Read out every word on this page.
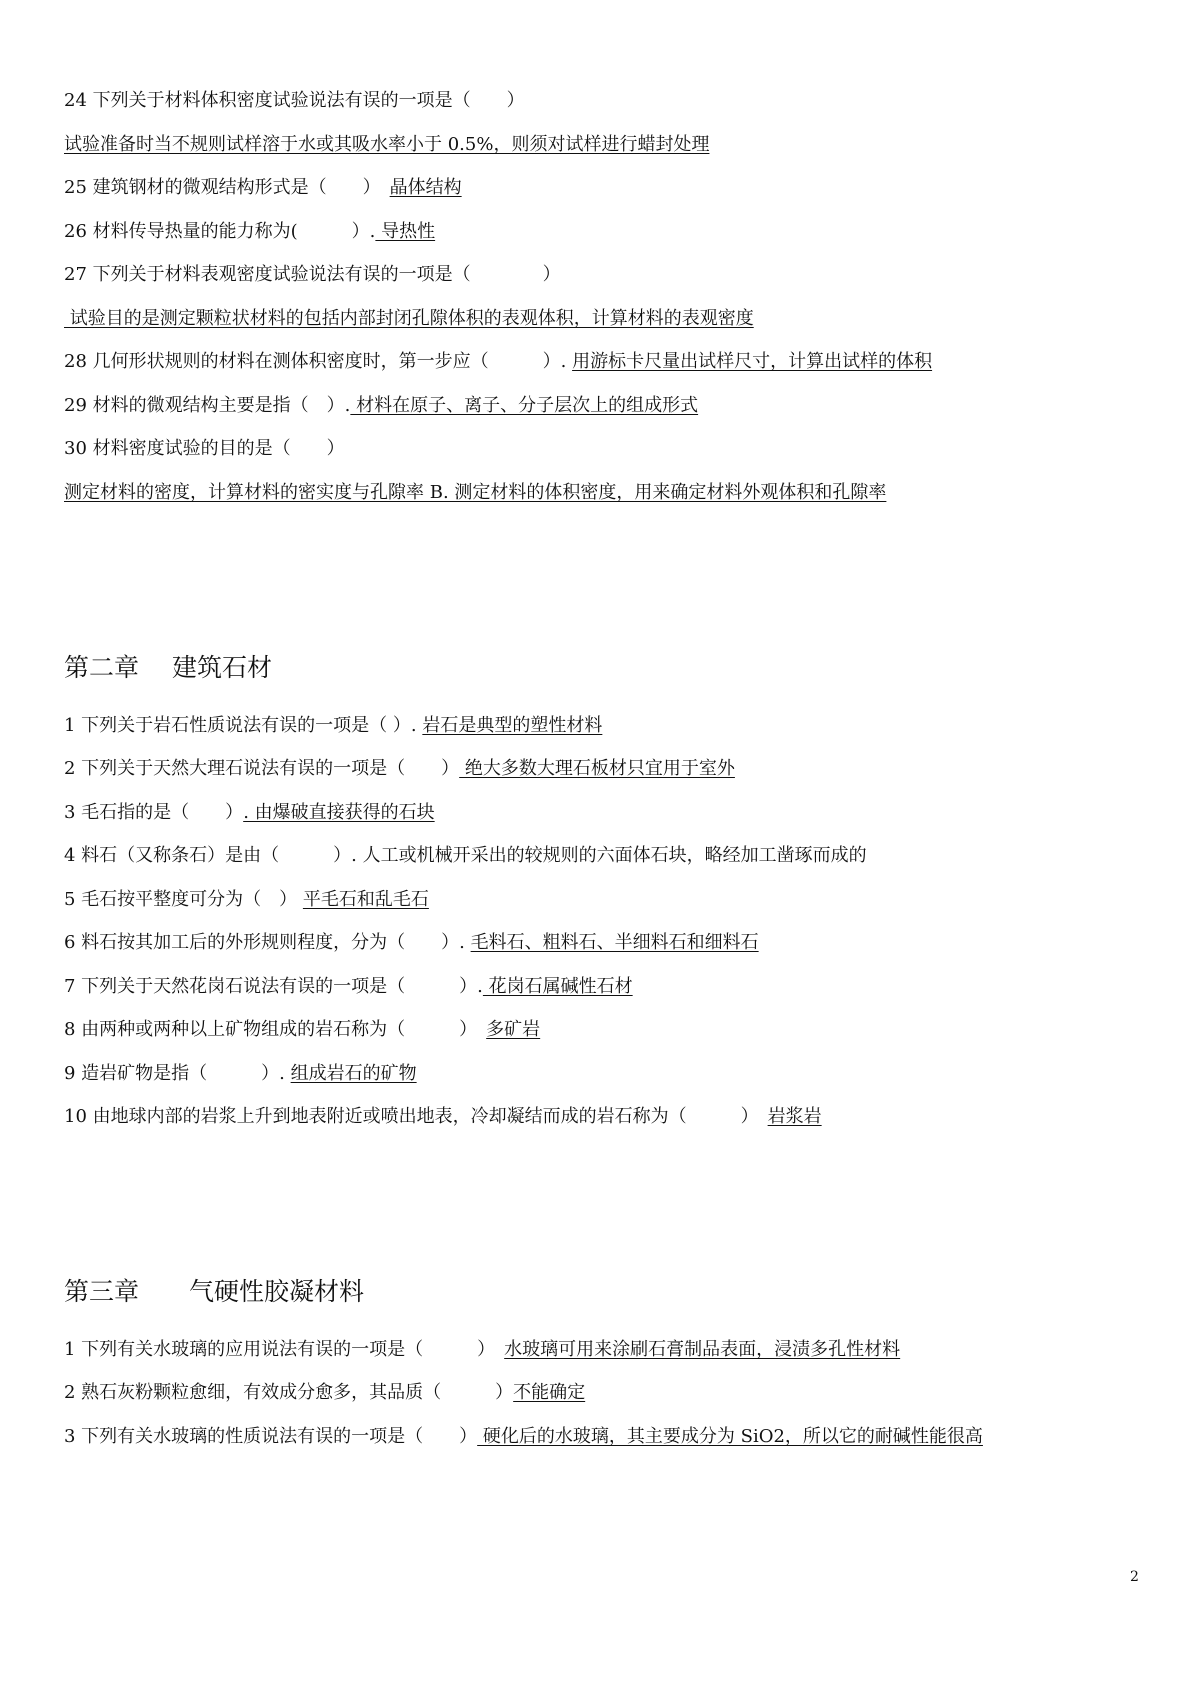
24 下列关于材料体积密度试验说法有误的一项是（　　）
试验准备时当不规则试样溶于水或其吸水率小于 0.5%，则须对试样进行蜡封处理
25 建筑钢材的微观结构形式是（　　）　晶体结构
26 材料传导热量的能力称为(　　　）. 导热性
27 下列关于材料表观密度试验说法有误的一项是（　　　　）
试验目的是测定颗粒状材料的包括内部封闭孔隙体积的表观体积，计算材料的表观密度
28 几何形状规则的材料在测体积密度时，第一步应（　　　）. 用游标卡尺量出试样尺寸，计算出试样的体积
29 材料的微观结构主要是指（　）. 材料在原子、离子、分子层次上的组成形式
30 材料密度试验的目的是（　　）
测定材料的密度，计算材料的密实度与孔隙率 B. 测定材料的体积密度，用来确定材料外观体积和孔隙率
第二章　 建筑石材
1 下列关于岩石性质说法有误的一项是（ ）. 岩石是典型的塑性材料
2 下列关于天然大理石说法有误的一项是（　　） 绝大多数大理石板材只宜用于室外
3 毛石指的是（　　）. 由爆破直接获得的石块
4 料石（又称条石）是由（　　　）. 人工或机械开采出的较规则的六面体石块，略经加工凿琢而成的
5 毛石按平整度可分为（　） 平毛石和乱毛石
6 料石按其加工后的外形规则程度，分为（　　）. 毛料石、粗料石、半细料石和细料石
7 下列关于天然花岗石说法有误的一项是（　　　）. 花岗石属碱性石材
8 由两种或两种以上矿物组成的岩石称为（　　　）　多矿岩
9 造岩矿物是指（　　　）. 组成岩石的矿物
10 由地球内部的岩浆上升到地表附近或喷出地表，冷却凝结而成的岩石称为（　　　）　岩浆岩
第三章　　气硬性胶凝材料
1 下列有关水玻璃的应用说法有误的一项是（　　　）　水玻璃可用来涂刷石膏制品表面，浸渍多孔性材料
2 熟石灰粉颗粒愈细，有效成分愈多，其品质（　　　）不能确定
3 下列有关水玻璃的性质说法有误的一项是（　　） 硬化后的水玻璃，其主要成分为 SiO2，所以它的耐碱性能很高
2
